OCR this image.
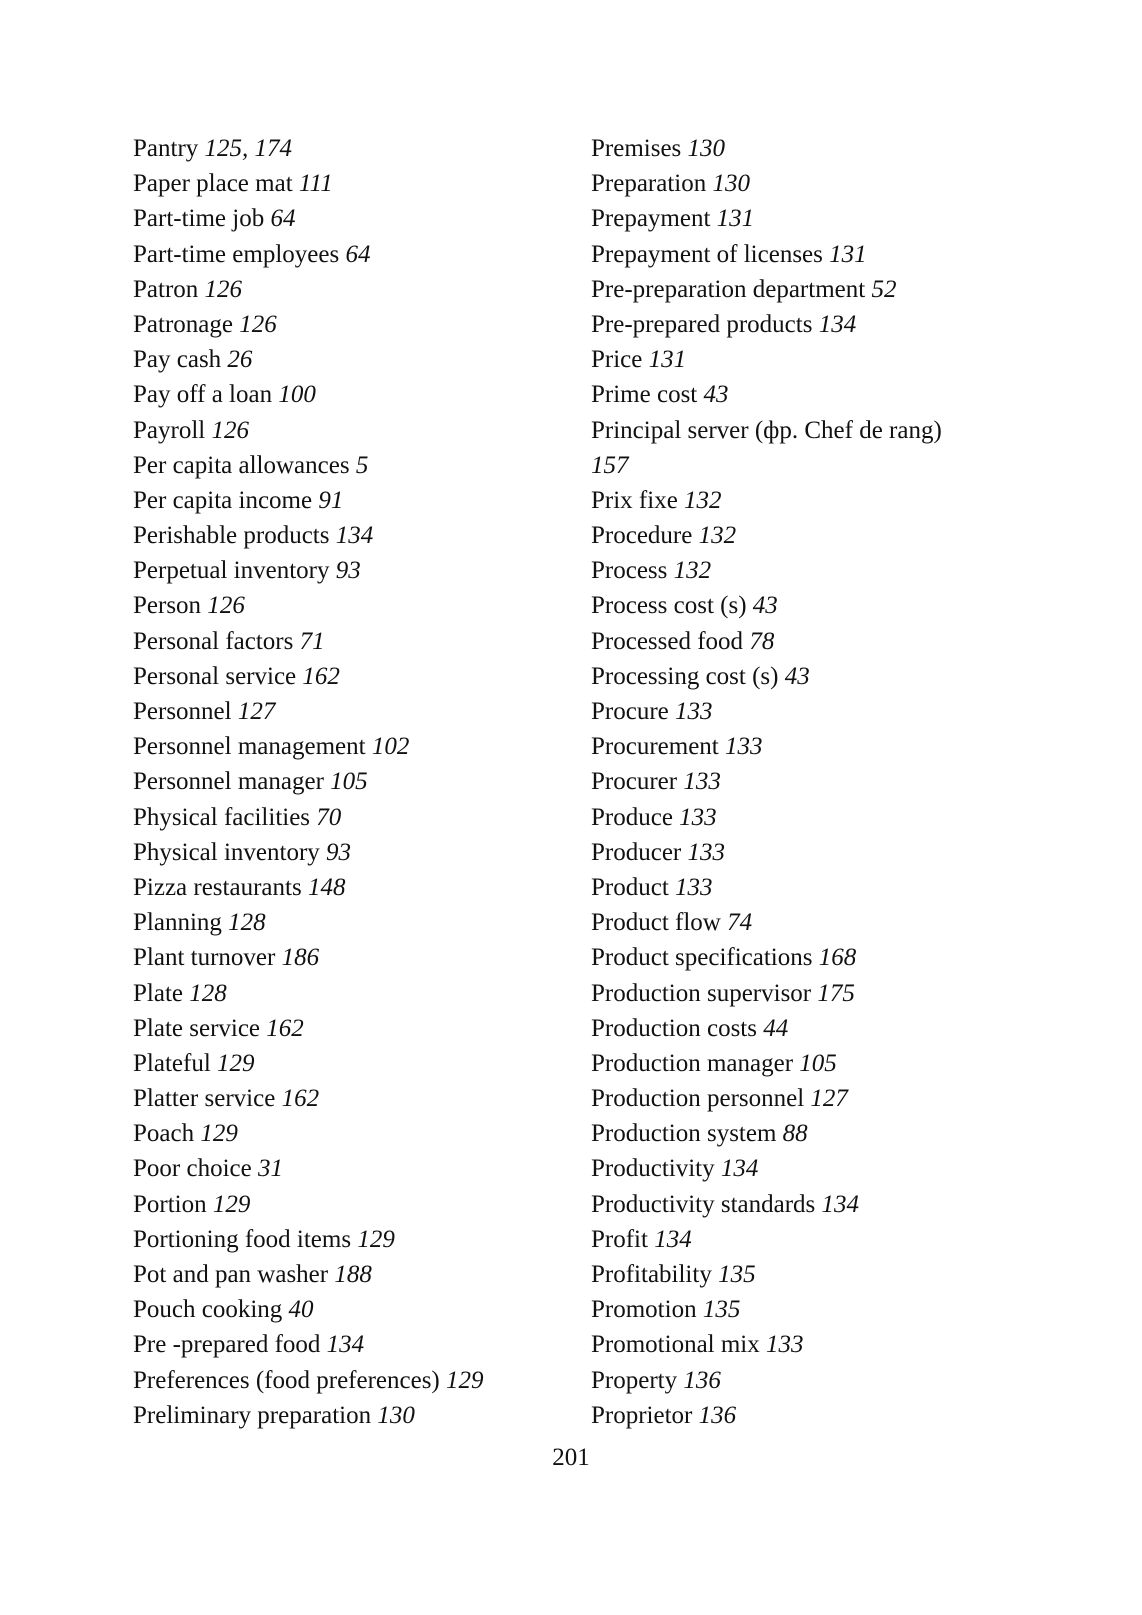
Pantry 125, 174
Paper place mat 111
Part-time job 64
Part-time employees 64
Patron 126
Patronage 126
Pay cash 26
Pay off a loan 100
Payroll 126
Per capita allowances 5
Per capita income 91
Perishable products 134
Perpetual inventory 93
Person 126
Personal factors 71
Personal service 162
Personnel 127
Personnel management 102
Personnel manager 105
Physical facilities 70
Physical inventory 93
Pizza restaurants 148
Planning 128
Plant turnover 186
Plate 128
Plate service 162
Plateful 129
Platter service 162
Poach 129
Poor choice 31
Portion 129
Portioning food items 129
Pot and pan washer 188
Pouch cooking 40
Pre -prepared food 134
Preferences (food preferences) 129
Preliminary preparation 130
Premises 130
Preparation 130
Prepayment 131
Prepayment of licenses 131
Pre-preparation department 52
Pre-prepared products 134
Price 131
Prime cost 43
Principal server (фр. Chef de rang)
157
Prix fixe 132
Procedure 132
Process 132
Process cost (s) 43
Processed food 78
Processing cost (s) 43
Procure 133
Procurement 133
Procurer 133
Produce 133
Producer 133
Product 133
Product flow 74
Product specifications 168
Production supervisor 175
Production costs 44
Production manager 105
Production personnel 127
Production system 88
Productivity 134
Productivity standards 134
Profit 134
Profitability 135
Promotion 135
Promotional mix 133
Property 136
Proprietor 136
201
